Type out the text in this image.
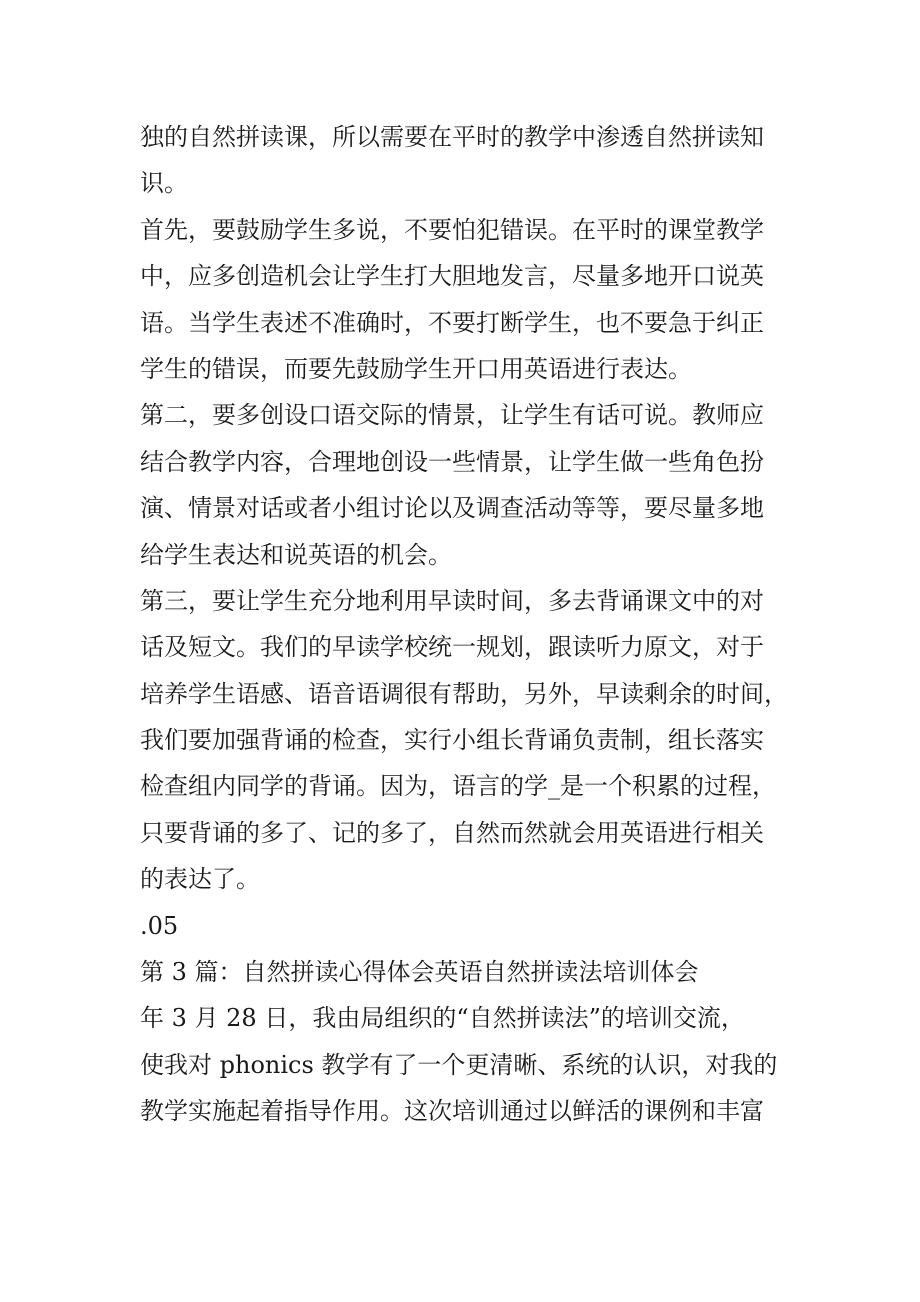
独的自然拼读课，所以需要在平时的教学中渗透自然拼读知
识。
首先，要鼓励学生多说，不要怕犯错误。在平时的课堂教学
中，应多创造机会让学生打大胆地发言，尽量多地开口说英
语。当学生表述不准确时，不要打断学生，也不要急于纠正
学生的错误，而要先鼓励学生开口用英语进行表达。
第二，要多创设口语交际的情景，让学生有话可说。教师应
结合教学内容，合理地创设一些情景，让学生做一些角色扮
演、情景对话或者小组讨论以及调查活动等等，要尽量多地
给学生表达和说英语的机会。
第三，要让学生充分地利用早读时间，多去背诵课文中的对
话及短文。我们的早读学校统一规划，跟读听力原文，对于
培养学生语感、语音语调很有帮助，另外，早读剩余的时间，
我们要加强背诵的检查，实行小组长背诵负责制，组长落实
检查组内同学的背诵。因为，语言的学_是一个积累的过程，
只要背诵的多了、记的多了，自然而然就会用英语进行相关
的表达了。
.05
第 3 篇：自然拼读心得体会英语自然拼读法培训体会
年 3 月 28 日，我由局组织的“自然拼读法”的培训交流，
使我对 phonics 教学有了一个更清晰、系统的认识，对我的
教学实施起着指导作用。这次培训通过以鲜活的课例和丰富
